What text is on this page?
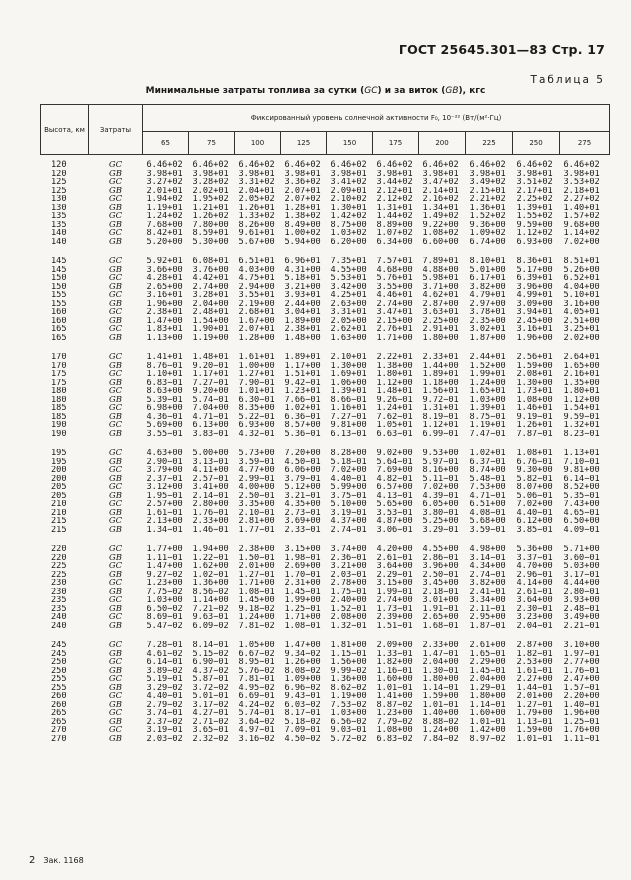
ГОСТ 25645.301—83 Стр. 17
Таблица 5
Минимальные затраты топлива за сутки (GC) и за виток (GB), кгс
Высота, км	Затраты	Фиксированный уровень солнечной активности F₀, 10⁻²² (Вт/(м²·Гц)									
		65	75	100	125	150	175	200	225	250	275
120	GC	6.46+02	6.46+02	6.46+02	6.46+02	6.46+02	6.46+02	6.46+02	6.46+02	6.46+02	6.46+02
120	GB	3.98+01	3.98+01	3.98+01	3.98+01	3.98+01	3.98+01	3.98+01	3.98+01	3.98+01	3.98+01
125	GC	3.27+02	3.28+02	3.31+02	3.36+02	3.41+02	3.44+02	3.47+02	3.49+02	3.51+02	3.53+02
125	GB	2.01+01	2.02+01	2.04+01	2.07+01	2.09+01	2.12+01	2.14+01	2.15+01	2.17+01	2.18+01
130	GC	1.94+02	1.95+02	2.05+02	2.07+02	2.10+02	2.12+02	2.16+02	2.21+02	2.25+02	2.27+02
130	GB	1.19+01	1.21+01	1.26+01	1.28+01	1.30+01	1.31+01	1.34+01	1.36+01	1.39+01	1.40+01
135	GC	1.24+02	1.26+02	1.33+02	1.38+02	1.42+02	1.44+02	1.49+02	1.52+02	1.55+02	1.57+02
135	GB	7.68+00	7.80+00	8.26+00	8.49+00	8.75+00	8.89+00	9.22+00	9.36+00	9.59+00	9.68+00
140	GC	8.42+01	8.59+01	9.61+01	1.00+02	1.03+02	1.07+02	1.08+02	1.09+02	1.12+02	1.14+02
140	GB	5.20+00	5.30+00	5.67+00	5.94+00	6.20+00	6.34+00	6.60+00	6.74+00	6.93+00	7.02+00

145	GC	5.92+01	6.08+01	6.51+01	6.96+01	7.35+01	7.57+01	7.89+01	8.10+01	8.36+01	8.51+01
145	GB	3.66+00	3.76+00	4.03+00	4.31+00	4.55+00	4.68+00	4.88+00	5.01+00	5.17+00	5.26+00
150	GC	4.28+01	4.42+01	4.75+01	5.18+01	5.53+01	5.76+01	5.98+01	6.17+01	6.39+01	6.52+01
150	GB	2.65+00	2.74+00	2.94+00	3.21+00	3.42+00	3.55+00	3.71+00	3.82+00	3.96+00	4.04+00
155	GC	3.16+01	3.28+01	3.55+01	3.93+01	4.25+01	4.46+01	4.62+01	4.79+01	4.99+01	5.10+01
155	GB	1.96+00	2.04+00	2.19+00	2.44+00	2.63+00	2.74+00	2.87+00	2.97+00	3.09+00	3.16+00
160	GC	2.38+01	2.48+01	2.68+01	3.04+01	3.31+01	3.47+01	3.63+01	3.78+01	3.94+01	4.05+01
160	GB	1.47+00	1.54+00	1.67+00	1.89+00	2.05+00	2.15+00	2.25+00	2.35+00	2.45+00	2.51+00
165	GC	1.83+01	1.90+01	2.07+01	2.38+01	2.62+01	2.76+01	2.91+01	3.02+01	3.16+01	3.25+01
165	GB	1.13+00	1.19+00	1.28+00	1.48+00	1.63+00	1.71+00	1.80+00	1.87+00	1.96+00	2.02+00

170	GC	1.41+01	1.48+01	1.61+01	1.89+01	2.10+01	2.22+01	2.33+01	2.44+01	2.56+01	2.64+01
170	GB	8.76−01	9.20−01	1.00+00	1.17+00	1.30+00	1.38+00	1.44+00	1.52+00	1.59+00	1.65+00
175	GC	1.10+01	1.17+01	1.27+01	1.51+01	1.69+01	1.80+01	1.89+01	1.99+01	2.08+01	2.16+01
175	GB	6.83−01	7.27−01	7.90−01	9.42−01	1.06+00	1.12+00	1.18+00	1.24+00	1.30+00	1.35+00
180	GC	8.63+00	9.20+00	1.01+01	1.23+01	1.39+01	1.48+01	1.56+01	1.65+01	1.73+01	1.80+01
180	GB	5.39−01	5.74−01	6.30−01	7.66−01	8.66−01	9.26−01	9.72−01	1.03+00	1.08+00	1.12+00
185	GC	6.98+00	7.04+00	8.35+00	1.02+01	1.16+01	1.24+01	1.31+01	1.39+01	1.46+01	1.54+01
185	GB	4.36−01	4.71−01	5.22−01	6.36−01	7.27−01	7.62−01	8.19−01	8.75−01	9.19−01	9.59−01
190	GC	5.69+00	6.13+00	6.93+00	8.57+00	9.81+00	1.05+01	1.12+01	1.19+01	1.26+01	1.32+01
190	GB	3.55−01	3.83−01	4.32−01	5.36−01	6.13−01	6.63−01	6.99−01	7.47−01	7.87−01	8.23−01

195	GC	4.63+00	5.00+00	5.73+00	7.20+00	8.28+00	9.02+00	9.53+00	1.02+01	1.08+01	1.13+01
195	GB	2.90−01	3.13−01	3.59−01	4.50−01	5.18−01	5.64−01	5.97−01	6.37−01	6.76−01	7.10−01
200	GC	3.79+00	4.11+00	4.77+00	6.06+00	7.02+00	7.69+00	8.16+00	8.74+00	9.30+00	9.81+00
200	GB	2.37−01	2.57−01	2.99−01	3.79−01	4.40−01	4.82−01	5.11−01	5.48−01	5.82−01	6.14−01
205	GC	3.12+00	3.41+00	4.00+00	5.12+00	5.99+00	6.57+00	7.02+00	7.53+00	8.07+00	8.52+00
205	GB	1.95−01	2.14−01	2.50−01	3.21−01	3.75−01	4.13−01	4.39−01	4.71−01	5.06−01	5.35−01
210	GC	2.57+00	2.80+00	3.35+00	4.35+00	5.10+00	5.65+00	6.05+00	6.51+00	7.02+00	7.43+00
210	GB	1.61−01	1.76−01	2.10−01	2.73−01	3.19−01	3.53−01	3.80−01	4.08−01	4.40−01	4.65−01
215	GC	2.13+00	2.33+00	2.81+00	3.69+00	4.37+00	4.87+00	5.25+00	5.68+00	6.12+00	6.50+00
215	GB	1.34−01	1.46−01	1.77−01	2.33−01	2.74−01	3.06−01	3.29−01	3.59−01	3.85−01	4.09−01

220	GC	1.77+00	1.94+00	2.38+00	3.15+00	3.74+00	4.20+00	4.55+00	4.98+00	5.36+00	5.71+00
220	GB	1.11−01	1.22−01	1.50−01	1.98−01	2.36−01	2.61−01	2.86−01	3.14−01	3.37−01	3.60−01
225	GC	1.47+00	1.62+00	2.01+00	2.69+00	3.21+00	3.64+00	3.96+00	4.34+00	4.70+00	5.03+00
225	GB	9.27−02	1.02−01	1.27−01	1.70−01	2.03−01	2.29−01	2.50−01	2.74−01	2.96−01	3.17−01
230	GC	1.23+00	1.36+00	1.71+00	2.31+00	2.78+00	3.15+00	3.45+00	3.82+00	4.14+00	4.44+00
230	GB	7.75−02	8.56−02	1.08−01	1.45−01	1.75−01	1.99−01	2.18−01	2.41−01	2.61−01	2.80−01
235	GC	1.03+00	1.14+00	1.45+00	1.99+00	2.40+00	2.74+00	3.01+00	3.34+00	3.64+00	3.93+00
235	GB	6.50−02	7.21−02	9.18−02	1.25−01	1.52−01	1.73−01	1.91−01	2.11−01	2.30−01	2.48−01
240	GC	8.69−01	9.63−01	1.24+00	1.71+00	2.08+00	2.39+00	2.65+00	2.95+00	3.23+00	3.49+00
240	GB	5.47−02	6.09−02	7.81−02	1.08−01	1.32−01	1.51−01	1.68−01	1.87−01	2.04−01	2.21−01

245	GC	7.28−01	8.14−01	1.05+00	1.47+00	1.81+00	2.09+00	2.33+00	2.61+00	2.87+00	3.10+00
245	GB	4.61−02	5.15−02	6.67−02	9.34−02	1.15−01	1.33−01	1.47−01	1.65−01	1.82−01	1.97−01
250	GC	6.14−01	6.90−01	8.95−01	1.26+00	1.56+00	1.82+00	2.04+00	2.29+00	2.53+00	2.77+00
250	GB	3.89−02	4.37−02	5.76−02	8.08−02	9.99−02	1.16−01	1.30−01	1.45−01	1.61−01	1.76−01
255	GC	5.19−01	5.87−01	7.81−01	1.09+00	1.36+00	1.60+00	1.80+00	2.04+00	2.27+00	2.47+00
255	GB	3.29−02	3.72−02	4.95−02	6.96−02	8.62−02	1.01−01	1.14−01	1.29−01	1.44−01	1.57−01
260	GC	4.40−01	5.01−01	6.69−01	9.43−01	1.19+00	1.41+00	1.59+00	1.80+00	2.01+00	2.20+00
260	GB	2.79−02	3.17−02	4.24−02	6.03−02	7.53−02	8.87−02	1.01−01	1.14−01	1.27−01	1.40−01
265	GC	3.74−01	4.27−01	5.74−01	8.17−01	1.03+00	1.23+00	1.40+00	1.60+00	1.79+00	1.96+00
265	GB	2.37−02	2.71−02	3.64−02	5.18−02	6.56−02	7.79−02	8.88−02	1.01−01	1.13−01	1.25−01
270	GC	3.19−01	3.65−01	4.97−01	7.09−01	9.03−01	1.08+00	1.24+00	1.42+00	1.59+00	1.76+00
270	GB	2.03−02	2.32−02	3.16−02	4.50−02	5.72−02	6.83−02	7.84−02	8.97−02	1.01−01	1.11−01
2 Зак. 1168
